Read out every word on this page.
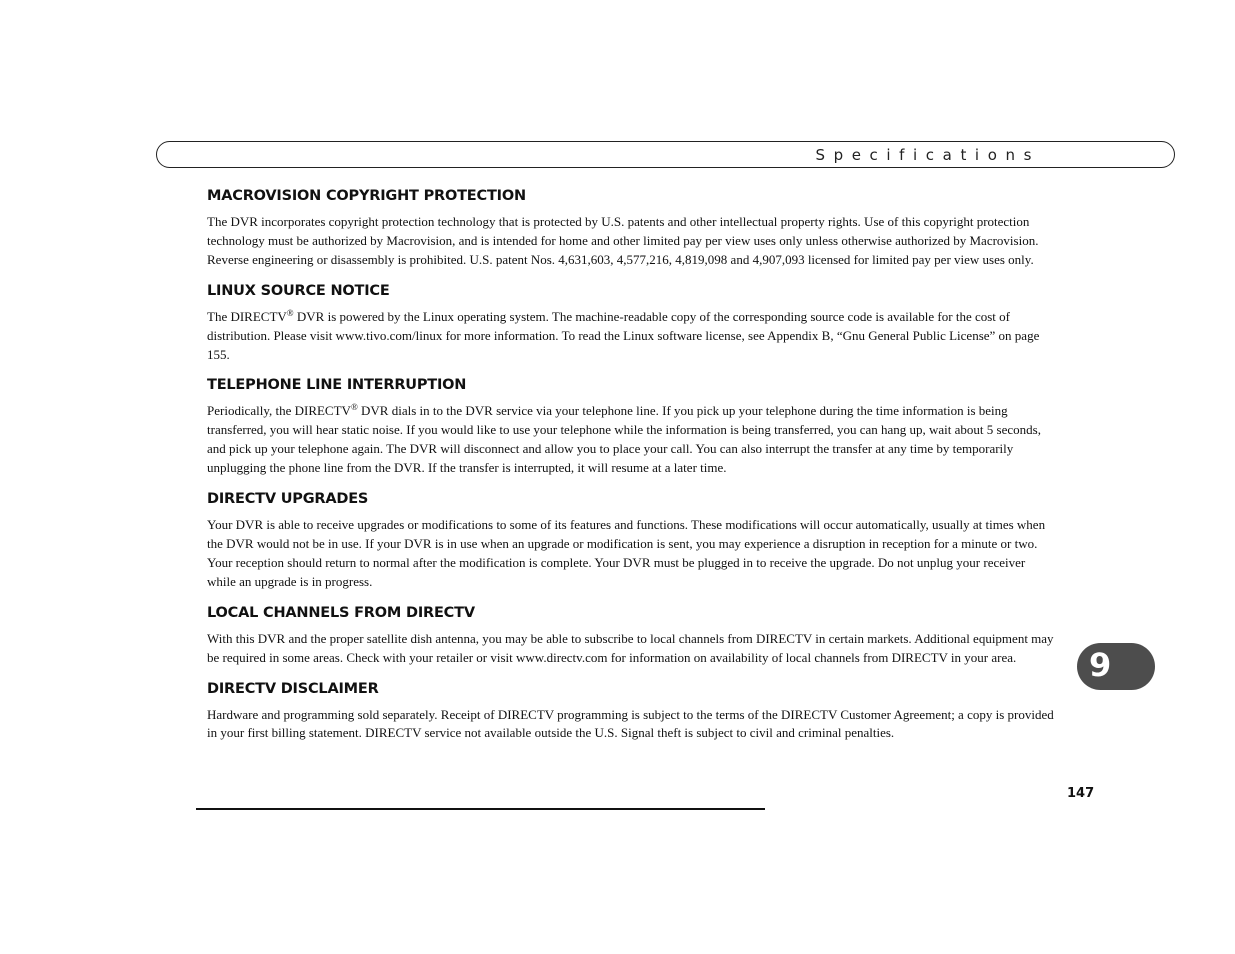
Specifications
MACROVISION COPYRIGHT PROTECTION
The DVR incorporates copyright protection technology that is protected by U.S. patents and other intellectual property rights. Use of this copyright protection technology must be authorized by Macrovision, and is intended for home and other limited pay per view uses only unless otherwise authorized by Macrovision. Reverse engineering or disassembly is prohibited. U.S. patent Nos. 4,631,603, 4,577,216, 4,819,098 and 4,907,093 licensed for limited pay per view uses only.
LINUX SOURCE NOTICE
The DIRECTV® DVR is powered by the Linux operating system. The machine-readable copy of the corresponding source code is available for the cost of distribution. Please visit www.tivo.com/linux for more information. To read the Linux software license, see Appendix B, “Gnu General Public License” on page 155.
TELEPHONE LINE INTERRUPTION
Periodically, the DIRECTV® DVR dials in to the DVR service via your telephone line. If you pick up your telephone during the time information is being transferred, you will hear static noise. If you would like to use your telephone while the information is being transferred, you can hang up, wait about 5 seconds, and pick up your telephone again. The DVR will disconnect and allow you to place your call. You can also interrupt the transfer at any time by temporarily unplugging the phone line from the DVR. If the transfer is interrupted, it will resume at a later time.
DIRECTV UPGRADES
Your DVR is able to receive upgrades or modifications to some of its features and functions. These modifications will occur automatically, usually at times when the DVR would not be in use. If your DVR is in use when an upgrade or modification is sent, you may experience a disruption in reception for a minute or two. Your reception should return to normal after the modification is complete. Your DVR must be plugged in to receive the upgrade. Do not unplug your receiver while an upgrade is in progress.
LOCAL CHANNELS FROM DIRECTV
With this DVR and the proper satellite dish antenna, you may be able to subscribe to local channels from DIRECTV in certain markets. Additional equipment may be required in some areas. Check with your retailer or visit www.directv.com for information on availability of local channels from DIRECTV in your area.
DIRECTV DISCLAIMER
Hardware and programming sold separately. Receipt of DIRECTV programming is subject to the terms of the DIRECTV Customer Agreement; a copy is provided in your first billing statement. DIRECTV service not available outside the U.S. Signal theft is subject to civil and criminal penalties.
9
147
